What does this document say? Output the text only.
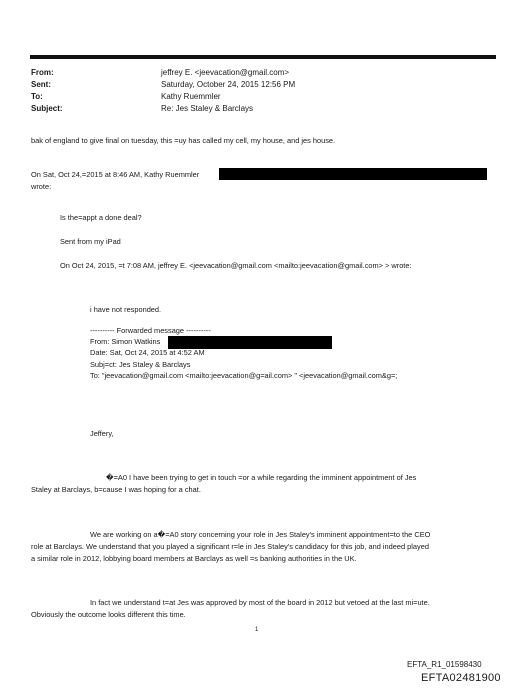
From:	jeffrey E. <jeevacation@gmail.com>
Sent:	Saturday, October 24, 2015 12:56 PM
To:	Kathy Ruemmler
Subject:	Re: Jes Staley & Barclays
bak of england to give final on tuesday, this =uy has called my cell, my house, and jes house.
On Sat, Oct 24,=2015 at 8:46 AM, Kathy Ruemmler
wrote:
Is the=appt a done deal?
Sent from my iPad
On Oct 24, 2015, =t 7:08 AM, jeffrey E. <jeevacation@gmail.com <mailto:jeevacation@gmail.com> > wrote:
i have not responded.
---------- Forwarded message ----------
From: Simon Watkins
Date: Sat, Oct 24, 2015 at 4:52 AM
Subj=ct: Jes Staley & Barclays
To: "jeevacation@gmail.com <mailto:jeevacation@g=ail.com> " <jeevacation@gmail.com&g=;
Jeffery,
�=A0 I have been trying to get in touch =or a while regarding the imminent appointment of Jes
Staley at Barclays, b=cause I was hoping for a chat.
We are working on a�=A0 story concerning your role in Jes Staley's imminent appointment=to the CEO
role at Barclays. We understand that you played a significant r=le in Jes Staley's candidacy for this job, and indeed played
a similar role in 2012, lobbying board members at Barclays as well =s banking authorities in the UK.
In fact we understand t=at Jes was approved by most of the board in 2012 but vetoed at the last mi=ute.
Obviously the outcome looks different this time.
1
EFTA_R1_01598430
EFTA02481900
